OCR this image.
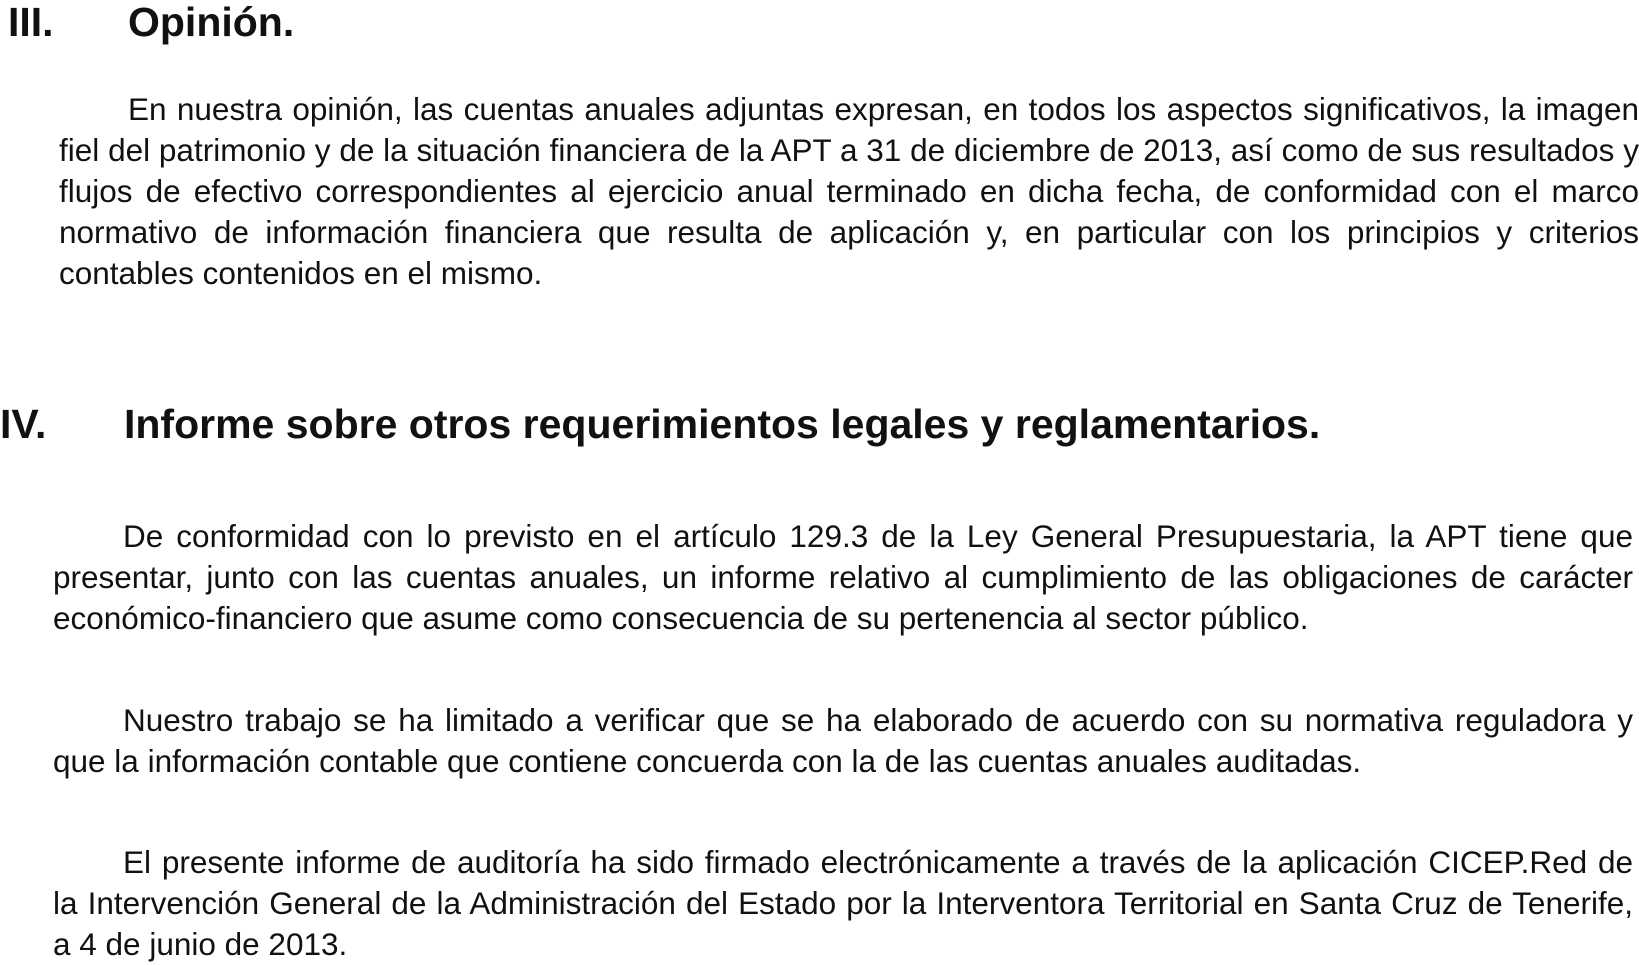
III. Opinión.

En nuestra opinión, las cuentas anuales adjuntas expresan, en todos los aspectos significativos, la imagen fiel del patrimonio y de la situación financiera de la APT a 31 de diciembre de 2013, así como de sus resultados y flujos de efectivo correspondientes al ejercicio anual terminado en dicha fecha, de conformidad con el marco normativo de información financiera que resulta de aplicación y, en particular con los principios y criterios contables contenidos en el mismo.

IV. Informe sobre otros requerimientos legales y reglamentarios.

De conformidad con lo previsto en el artículo 129.3 de la Ley General Presupuestaria, la APT tiene que presentar, junto con las cuentas anuales, un informe relativo al cumplimiento de las obligaciones de carácter económico-financiero que asume como consecuencia de su pertenencia al sector público.

Nuestro trabajo se ha limitado a verificar que se ha elaborado de acuerdo con su normativa reguladora y que la información contable que contiene concuerda con la de las cuentas anuales auditadas.

El presente informe de auditoría ha sido firmado electrónicamente a través de la aplicación CICEP.Red de la Intervención General de la Administración del Estado por la Interventora Territorial en Santa Cruz de Tenerife, a 4 de junio de 2013.
